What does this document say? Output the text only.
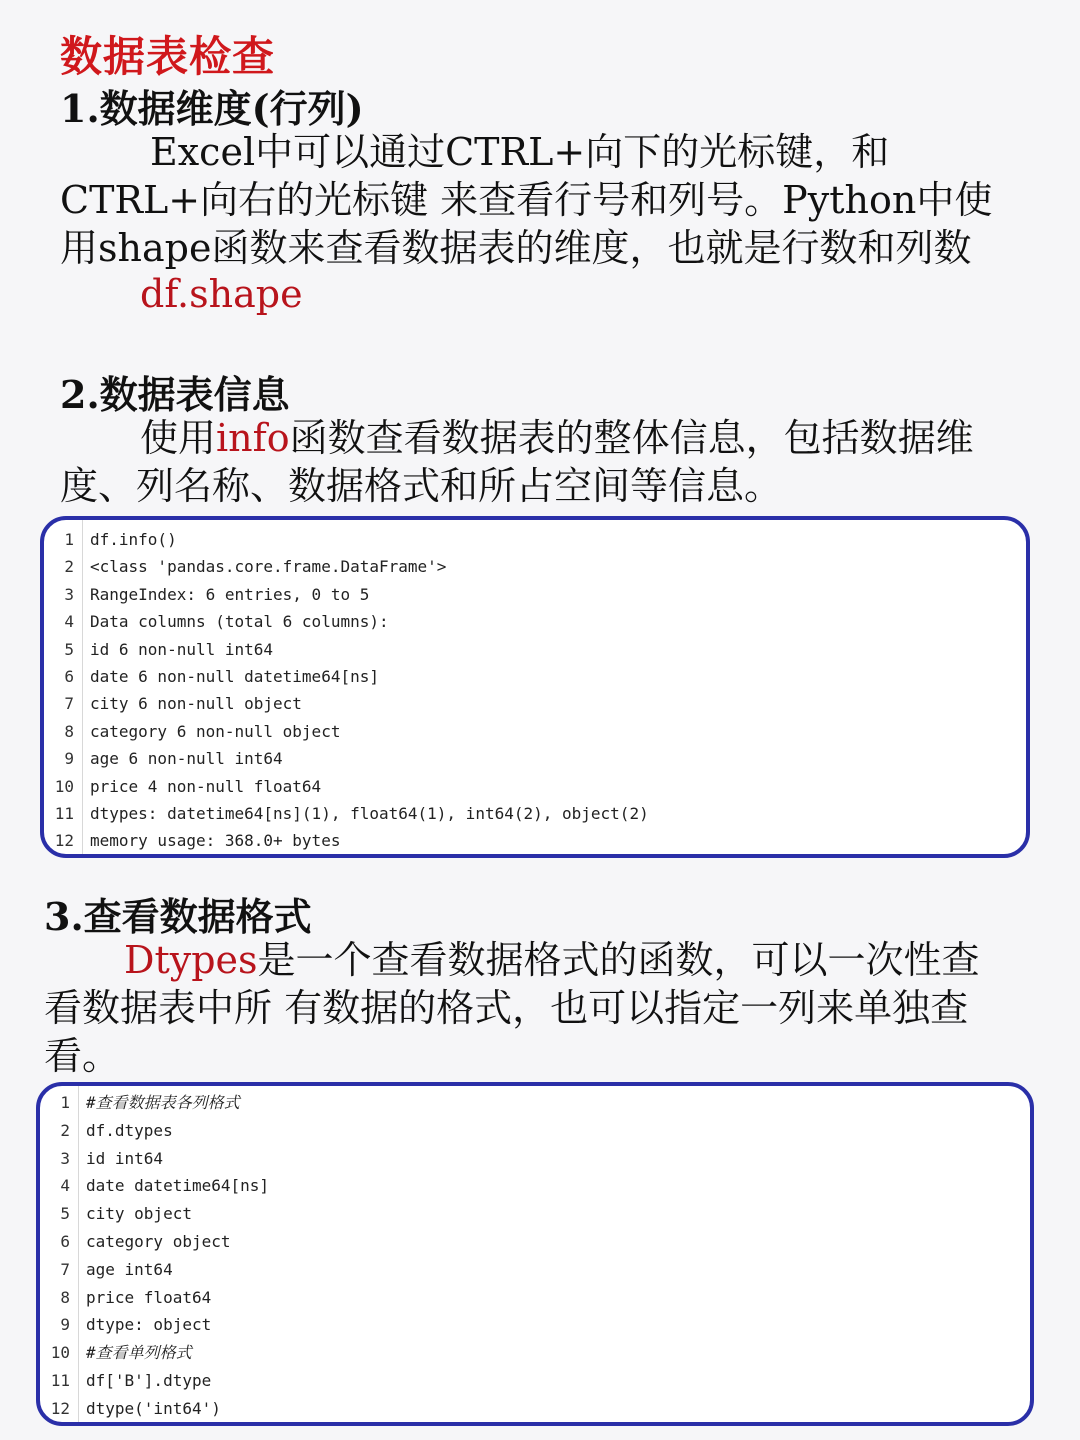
数据表检查
1.数据维度(行列)
Excel中可以通过CTRL+向下的光标键，和
CTRL+向右的光标键 来查看行号和列号。Python中使
用shape函数来查看数据表的维度，也就是行数和列数
df.shape
2.数据表信息
使用info函数查看数据表的整体信息，包括数据维
度、列名称、数据格式和所占空间等信息。
1 df.info()
2 <class 'pandas.core.frame.DataFrame'>
3 RangeIndex: 6 entries, 0 to 5
4 Data columns (total 6 columns):
5 id 6 non-null int64
6 date 6 non-null datetime64[ns]
7 city 6 non-null object
8 category 6 non-null object
9 age 6 non-null int64
10 price 4 non-null float64
11 dtypes: datetime64[ns](1), float64(1), int64(2), object(2)
12 memory usage: 368.0+ bytes
3.查看数据格式
Dtypes是一个查看数据格式的函数，可以一次性查
看数据表中所 有数据的格式，也可以指定一列来单独查
看。
1 #查看数据表各列格式
2 df.dtypes
3 id int64
4 date datetime64[ns]
5 city object
6 category object
7 age int64
8 price float64
9 dtype: object
10 #查看单列格式
11 df['B'].dtype
12 dtype('int64')
